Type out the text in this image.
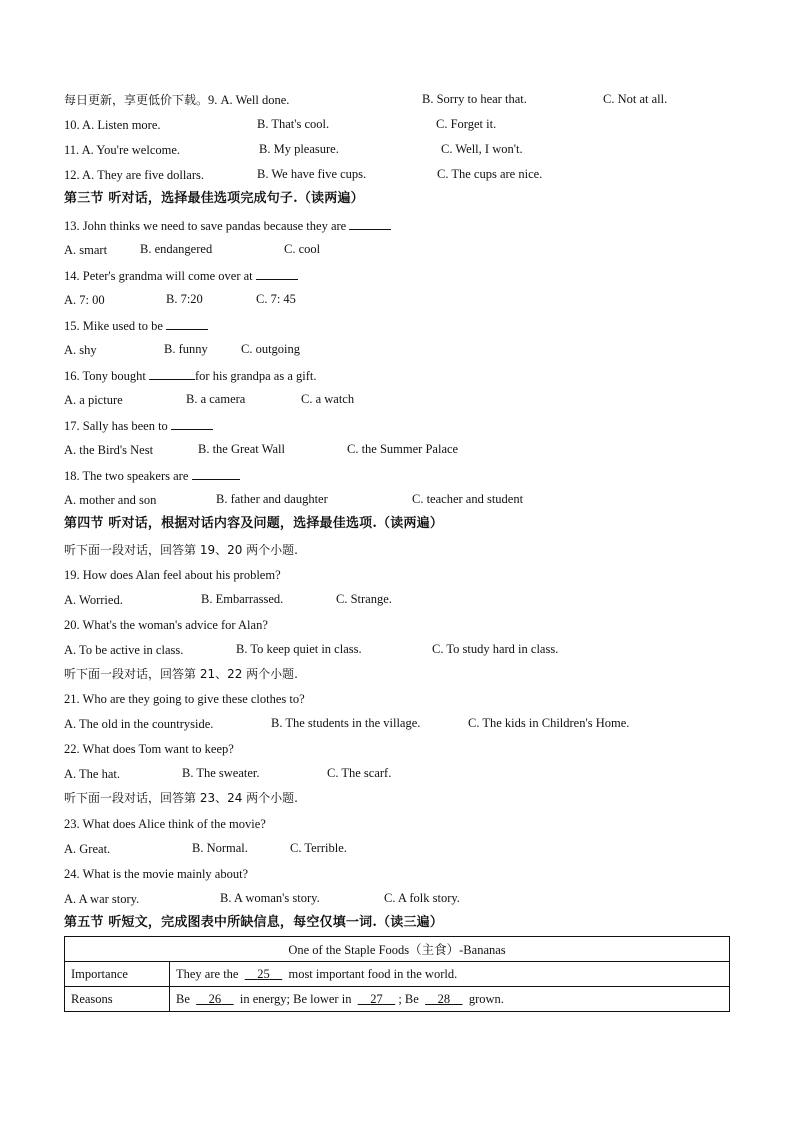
每日更新，享更低价下载。9. A. Well done.	B. Sorry to hear that.	C. Not at all.
10. A. Listen more.	B. That's cool.	C. Forget it.
11. A. You're welcome.	B. My pleasure.	C. Well, I won't.
12. A. They are five dollars.	B. We have five cups.	C. The cups are nice.
第三节 听对话，选择最佳选项完成句子.（读两遍）
13. John thinks we need to save pandas because they are
A. smart	B. endangered	C. cool
14. Peter's grandma will come over at
A. 7: 00	B. 7:20	C. 7: 45
15. Mike used to be
A. shy	B. funny	C. outgoing
16. Tony bought	for his grandpa as a gift.
A. a picture	B. a camera	C. a watch
17. Sally has been to
A. the Bird's Nest	B. the Great Wall	C. the Summer Palace
18. The two speakers are
A. mother and son	B. father and daughter	C. teacher and student
第四节 听对话，根据对话内容及问题，选择最佳选项.（读两遍）
听下面一段对话，回答第 19、20 两个小题.
19. How does Alan feel about his problem?
A. Worried.	B. Embarrassed.	C. Strange.
20. What's the woman's advice for Alan?
A. To be active in class.	B. To keep quiet in class.	C. To study hard in class.
听下面一段对话，回答第 21、22 两个小题.
21. Who are they going to give these clothes to?
A. The old in the countryside.	B. The students in the village.	C. The kids in Children's Home.
22. What does Tom want to keep?
A. The hat.	B. The sweater.	C. The scarf.
听下面一段对话，回答第 23、24 两个小题.
23. What does Alice think of the movie?
A. Great.	B. Normal.	C. Terrible.
24. What is the movie mainly about?
A. A war story.	B. A woman's story.	C. A folk story.
第五节 听短文，完成图表中所缺信息，每空仅填一词.（读三遍）
One of the Staple Foods（主食）-Bananas	
Importance	They are the 25 most important food in the world.
Reasons	Be 26 in energy; Be lower in 27 ; Be 28 grown.
